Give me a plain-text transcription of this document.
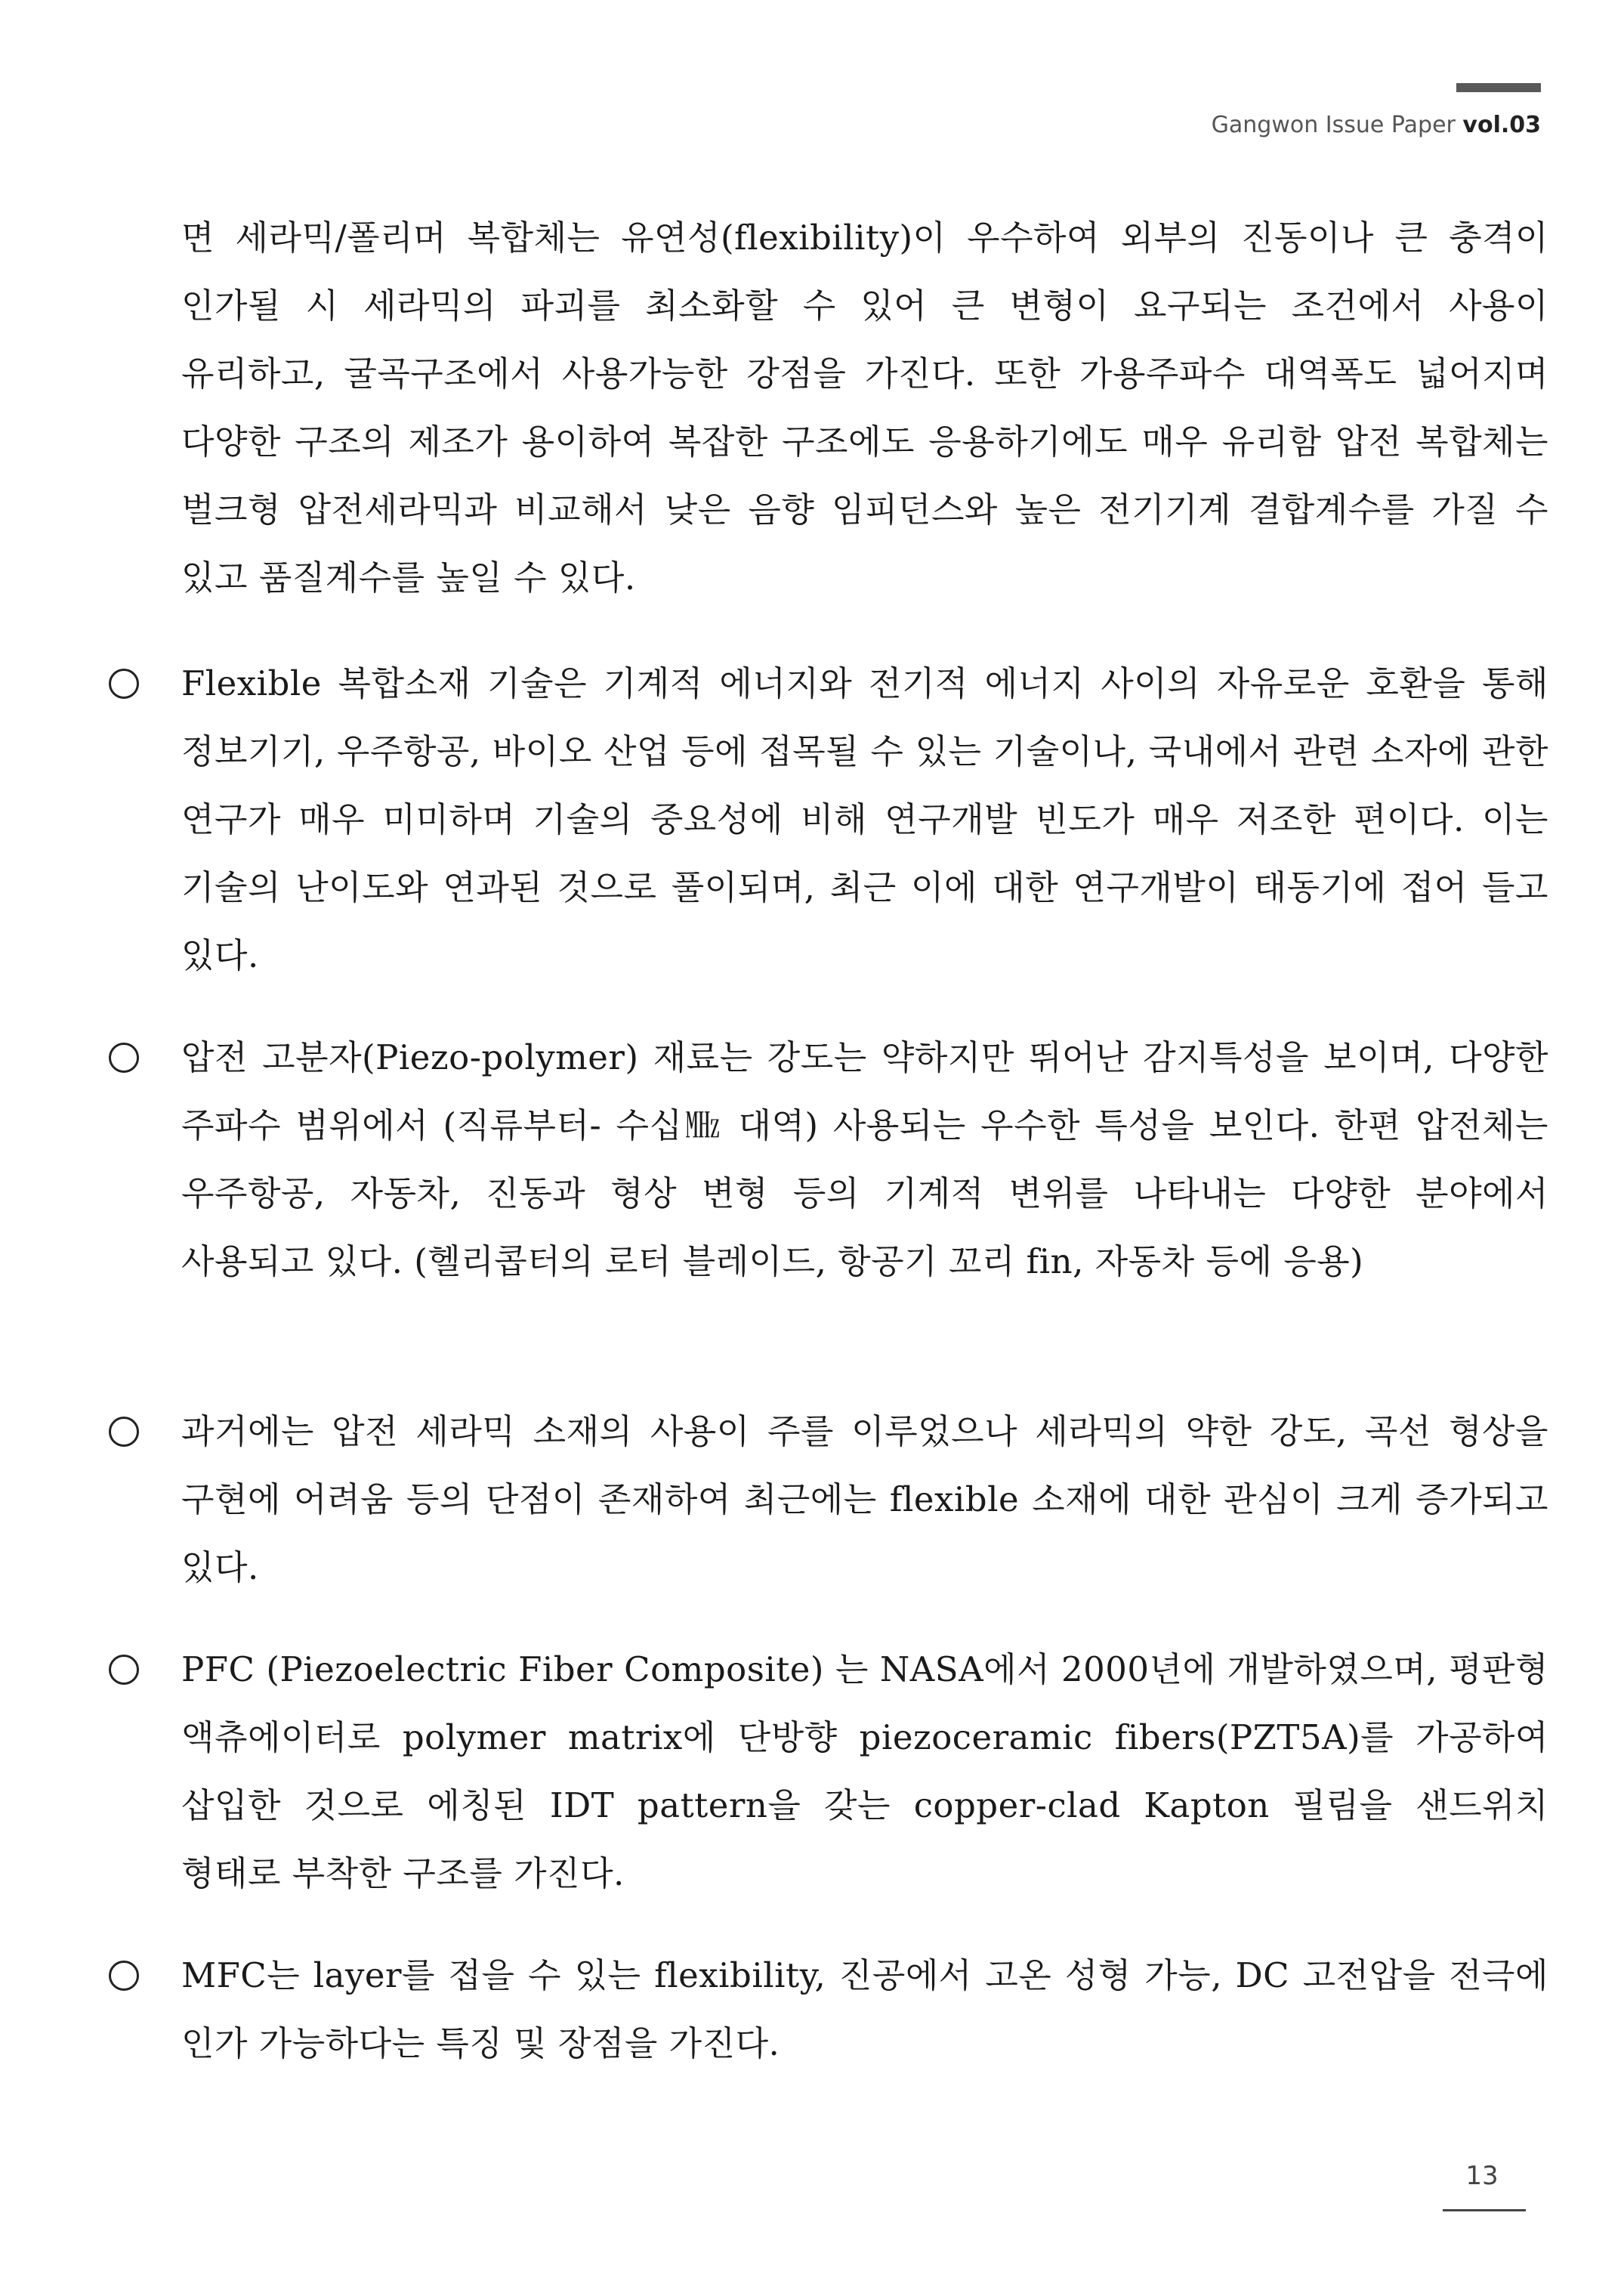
Gangwon Issue Paper vol.03
면 세라믹/폴리머 복합체는 유연성(flexibility)이 우수하여 외부의 진동이나 큰 충격이 인가될 시 세라믹의 파괴를 최소화할 수 있어 큰 변형이 요구되는 조건에서 사용이 유리하고, 굴곡구조에서 사용가능한 강점을 가진다. 또한 가용주파수 대역폭도 넓어지며 다양한 구조의 제조가 용이하여 복잡한 구조에도 응용하기에도 매우 유리함 압전 복합체는 벌크형 압전세라믹과 비교해서 낮은 음향 임피던스와 높은 전기기계 결합계수를 가질 수 있고 품질계수를 높일 수 있다.
Flexible 복합소재 기술은 기계적 에너지와 전기적 에너지 사이의 자유로운 호환을 통해 정보기기, 우주항공, 바이오 산업 등에 접목될 수 있는 기술이나, 국내에서 관련 소자에 관한 연구가 매우 미미하며 기술의 중요성에 비해 연구개발 빈도가 매우 저조한 편이다. 이는 기술의 난이도와 연과된 것으로 풀이되며, 최근 이에 대한 연구개발이 태동기에 접어 들고 있다.
압전 고분자(Piezo-polymer) 재료는 강도는 약하지만 뛰어난 감지특성을 보이며, 다양한 주파수 범위에서 (직류부터- 수십㎒ 대역) 사용되는 우수한 특성을 보인다. 한편 압전체는 우주항공, 자동차, 진동과 형상 변형 등의 기계적 변위를 나타내는 다양한 분야에서 사용되고 있다. (헬리콥터의 로터 블레이드, 항공기 꼬리 fin, 자동차 등에 응용)
과거에는 압전 세라믹 소재의 사용이 주를 이루었으나 세라믹의 약한 강도, 곡선 형상을 구현에 어려움 등의 단점이 존재하여 최근에는 flexible 소재에 대한 관심이 크게 증가되고 있다.
PFC (Piezoelectric Fiber Composite) 는 NASA에서 2000년에 개발하였으며, 평판형 액츄에이터로 polymer matrix에 단방향 piezoceramic fibers(PZT5A)를 가공하여 삽입한 것으로 에칭된 IDT pattern을 갖는 copper-clad Kapton 필림을 샌드위치 형태로 부착한 구조를 가진다.
MFC는 layer를 접을 수 있는 flexibility, 진공에서 고온 성형 가능, DC 고전압을 전극에 인가 가능하다는 특징 및 장점을 가진다.
13
